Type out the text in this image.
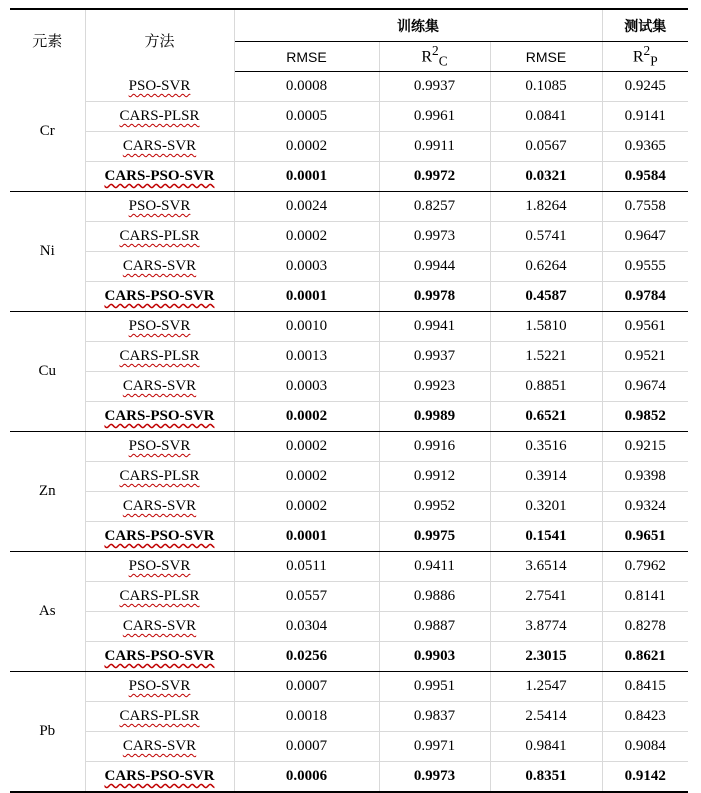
元素	方法	训练集			测试集
		RMSE	$R^2_C$	RMSE	$R^2_P$
Cr	PSO-SVR	0.0008	0.9937	0.1085	0.9245
	CARS-PLSR	0.0005	0.9961	0.0841	0.9141
	CARS-SVR	0.0002	0.9911	0.0567	0.9365
	CARS-PSO-SVR	0.0001	0.9972	0.0321	0.9584
Ni	PSO-SVR	0.0024	0.8257	1.8264	0.7558
	CARS-PLSR	0.0002	0.9973	0.5741	0.9647
	CARS-SVR	0.0003	0.9944	0.6264	0.9555
	CARS-PSO-SVR	0.0001	0.9978	0.4587	0.9784
Cu	PSO-SVR	0.0010	0.9941	1.5810	0.9561
	CARS-PLSR	0.0013	0.9937	1.5221	0.9521
	CARS-SVR	0.0003	0.9923	0.8851	0.9674
	CARS-PSO-SVR	0.0002	0.9989	0.6521	0.9852
Zn	PSO-SVR	0.0002	0.9916	0.3516	0.9215
	CARS-PLSR	0.0002	0.9912	0.3914	0.9398
	CARS-SVR	0.0002	0.9952	0.3201	0.9324
	CARS-PSO-SVR	0.0001	0.9975	0.1541	0.9651
As	PSO-SVR	0.0511	0.9411	3.6514	0.7962
	CARS-PLSR	0.0557	0.9886	2.7541	0.8141
	CARS-SVR	0.0304	0.9887	3.8774	0.8278
	CARS-PSO-SVR	0.0256	0.9903	2.3015	0.8621
Pb	PSO-SVR	0.0007	0.9951	1.2547	0.8415
	CARS-PLSR	0.0018	0.9837	2.5414	0.8423
	CARS-SVR	0.0007	0.9971	0.9841	0.9084
	CARS-PSO-SVR	0.0006	0.9973	0.8351	0.9142
